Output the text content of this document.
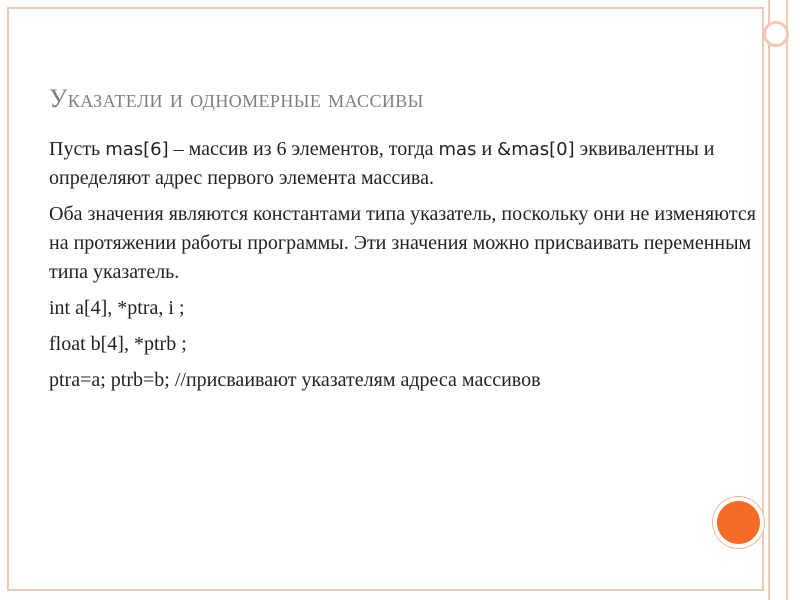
Указатели и одномерные массивы

Пусть mas[6] – массив из 6 элементов, тогда mas и &mas[0] эквивалентны и определяют адрес первого элемента массива.

Оба значения являются константами типа указатель, поскольку они не изменяются на протяжении работы программы. Эти значения можно присваивать переменным типа указатель.

int a[4], *ptra, i ;

float b[4], *ptrb ;

ptra=a; ptrb=b; //присваивают указателям адреса массивов
